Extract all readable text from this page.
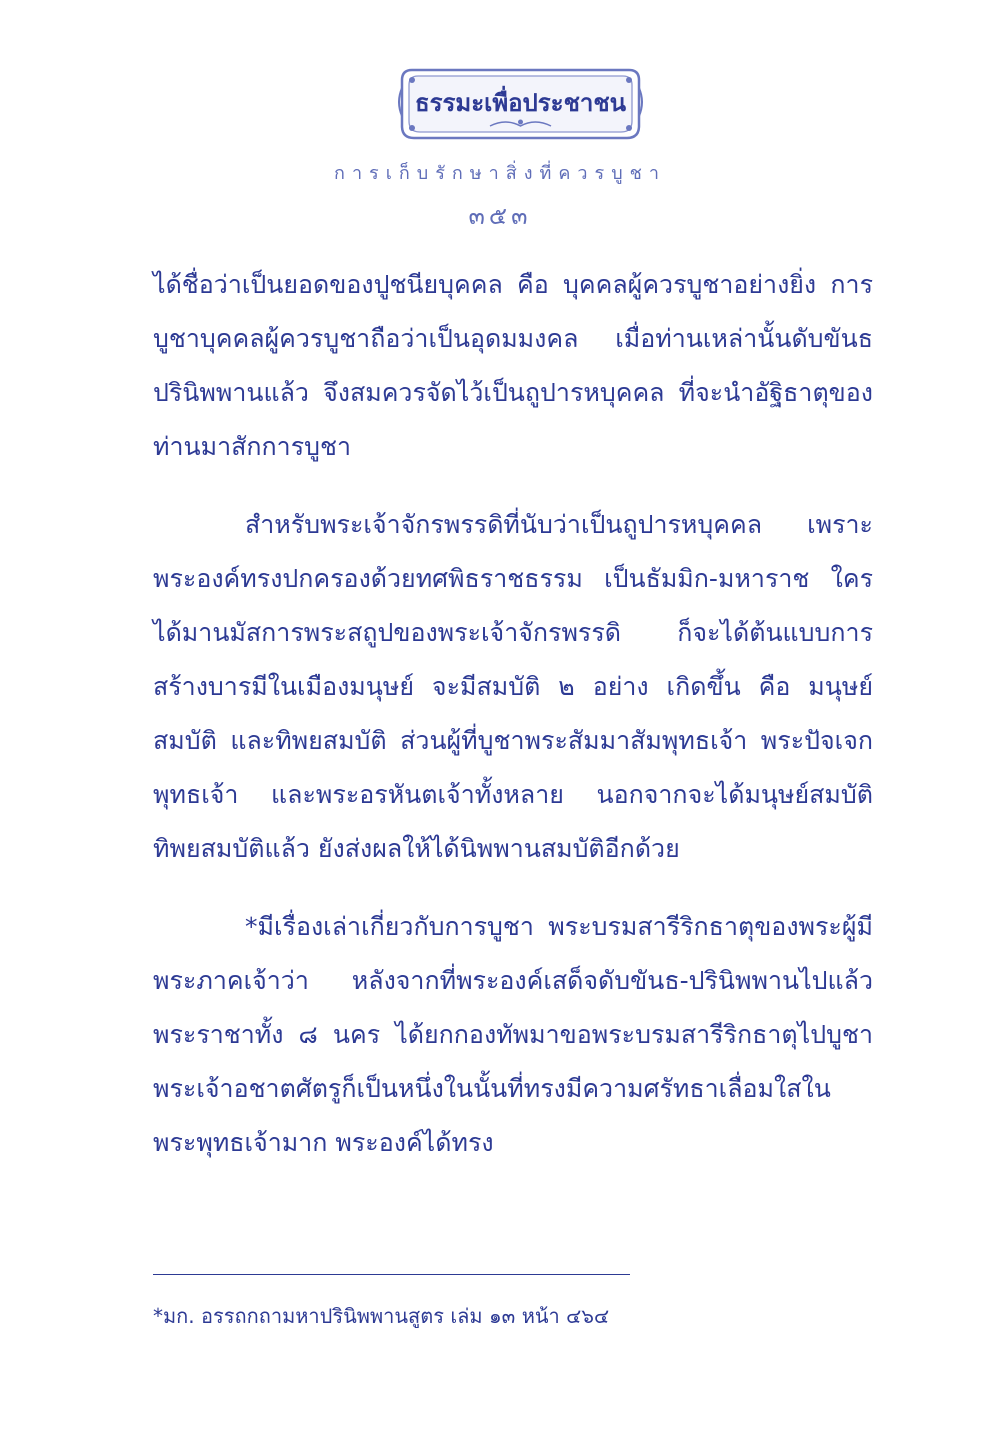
ธรรมะเพื่อประชาชน
การเก็บรักษาสิ่งที่ควรบูชา
๓๕๓

ได้ชื่อว่าเป็นยอดของปูชนียบุคคล คือ บุคคลผู้ควรบูชาอย่างยิ่ง การบูชาบุคคลผู้ควรบูชาถือว่าเป็นอุดมมงคล เมื่อท่านเหล่านั้นดับขันธปรินิพพานแล้ว จึงสมควรจัดไว้เป็นถูปารหบุคคล ที่จะนำอัฐิธาตุของท่านมาสักการบูชา

สำหรับพระเจ้าจักรพรรดิที่นับว่าเป็นถูปารหบุคคล เพราะพระองค์ทรงปกครองด้วยทศพิธราชธรรม เป็นธัมมิก-มหาราช ใครได้มานมัสการพระสถูปของพระเจ้าจักรพรรดิ ก็จะได้ต้นแบบการสร้างบารมีในเมืองมนุษย์ จะมีสมบัติ ๒ อย่าง เกิดขึ้น คือ มนุษย์สมบัติ และทิพยสมบัติ ส่วนผู้ที่บูชาพระสัมมาสัมพุทธเจ้า พระปัจเจกพุทธเจ้า และพระอรหันตเจ้าทั้งหลาย นอกจากจะได้มนุษย์สมบัติ ทิพยสมบัติแล้ว ยังส่งผลให้ได้นิพพานสมบัติอีกด้วย

*มีเรื่องเล่าเกี่ยวกับการบูชา พระบรมสารีริกธาตุของพระผู้มีพระภาคเจ้าว่า หลังจากที่พระองค์เสด็จดับขันธ-ปรินิพพานไปแล้ว พระราชาทั้ง ๘ นคร ได้ยกกองทัพมาขอพระบรมสารีริกธาตุไปบูชา พระเจ้าอชาตศัตรูก็เป็นหนึ่งในนั้นที่ทรงมีความศรัทธาเลื่อมใสในพระพุทธเจ้ามาก พระองค์ได้ทรง

*มก. อรรถกถามหาปรินิพพานสูตร เล่ม ๑๓ หน้า ๔๖๔
